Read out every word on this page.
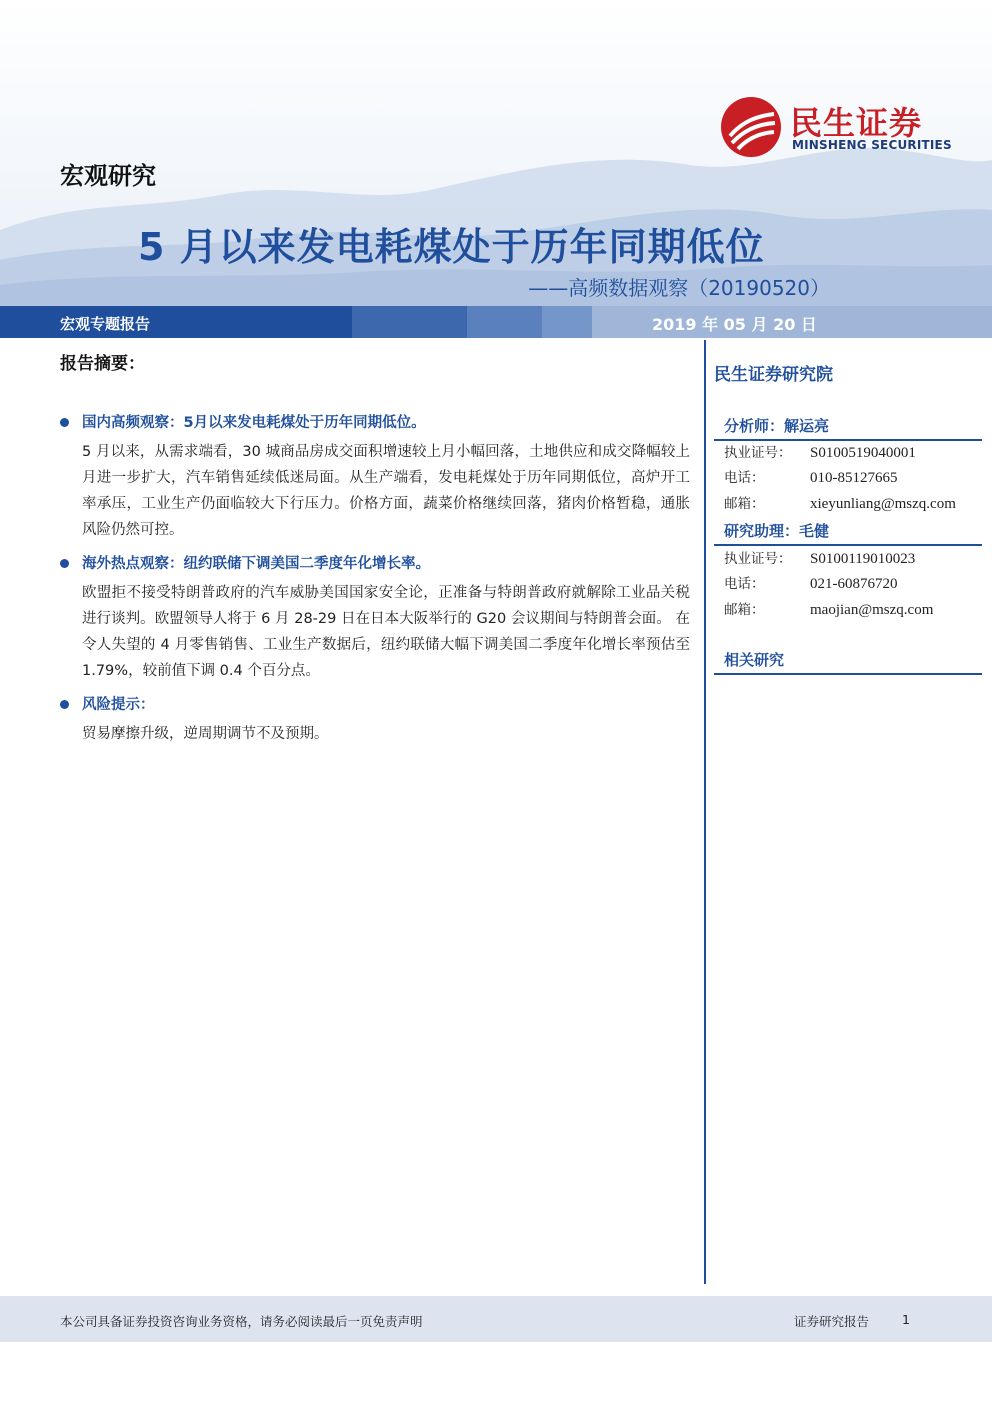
民生证券
MINSHENG SECURITIES
宏观研究
5 月以来发电耗煤处于历年同期低位
——高频数据观察（20190520）
宏观专题报告	2019 年 05 月 20 日
报告摘要：
国内高频观察：5月以来发电耗煤处于历年同期低位。
5 月以来，从需求端看，30 城商品房成交面积增速较上月小幅回落，土地供应和成交降幅较上月进一步扩大，汽车销售延续低迷局面。从生产端看，发电耗煤处于历年同期低位，高炉开工率承压，工业生产仍面临较大下行压力。价格方面，蔬菜价格继续回落，猪肉价格暂稳，通胀风险仍然可控。
海外热点观察：纽约联储下调美国二季度年化增长率。
欧盟拒不接受特朗普政府的汽车威胁美国国家安全论，正准备与特朗普政府就解除工业品关税进行谈判。欧盟领导人将于 6 月 28-29 日在日本大阪举行的 G20 会议期间与特朗普会面。 在令人失望的 4 月零售销售、工业生产数据后，纽约联储大幅下调美国二季度年化增长率预估至 1.79%，较前值下调 0.4 个百分点。
风险提示：
贸易摩擦升级，逆周期调节不及预期。
民生证券研究院
分析师：解运亮
执业证号： S0100519040001
电话：	010-85127665
邮箱：	xieyunliang@mszq.com
研究助理：毛健
执业证号： S0100119010023
电话：	021-60876720
邮箱：	maojian@mszq.com
相关研究
本公司具备证券投资咨询业务资格，请务必阅读最后一页免责声明	证券研究报告	1
